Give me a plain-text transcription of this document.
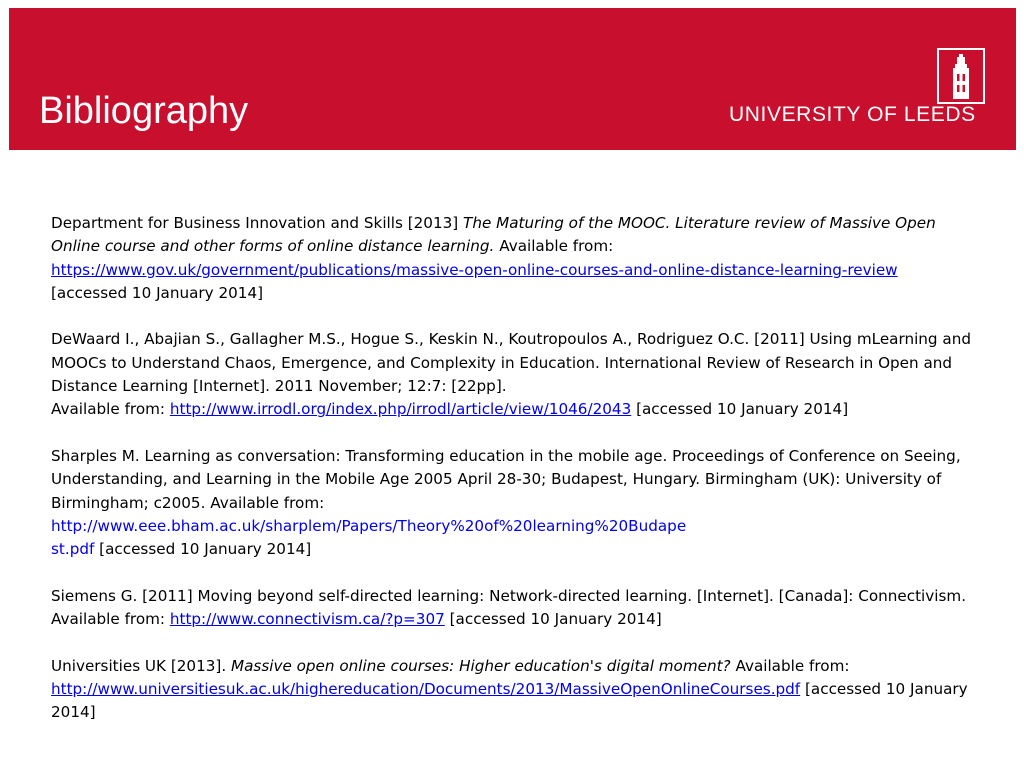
Bibliography	UNIVERSITY OF LEEDS

Department for Business Innovation and Skills [2013] The Maturing of the MOOC. Literature review of Massive Open Online course and other forms of online distance learning. Available from:
https://www.gov.uk/government/publications/massive-open-online-courses-and-online-distance-learning-review
[accessed 10 January 2014]

DeWaard I., Abajian S., Gallagher M.S., Hogue S., Keskin N., Koutropoulos A., Rodriguez O.C. [2011] Using mLearning and MOOCs to Understand Chaos, Emergence, and Complexity in Education. International Review of Research in Open and Distance Learning [Internet]. 2011 November; 12:7: [22pp].
Available from: http://www.irrodl.org/index.php/irrodl/article/view/1046/2043 [accessed 10 January 2014]

Sharples M. Learning as conversation: Transforming education in the mobile age. Proceedings of Conference on Seeing, Understanding, and Learning in the Mobile Age 2005 April 28-30; Budapest, Hungary. Birmingham (UK): University of Birmingham; c2005. Available from:
http://www.eee.bham.ac.uk/sharplem/Papers/Theory%20of%20learning%20Budape
st.pdf [accessed 10 January 2014]

Siemens G. [2011] Moving beyond self-directed learning: Network-directed learning. [Internet]. [Canada]: Connectivism. Available from: http://www.connectivism.ca/?p=307 [accessed 10 January 2014]

Universities UK [2013]. Massive open online courses: Higher education's digital moment? Available from:
http://www.universitiesuk.ac.uk/highereducation/Documents/2013/MassiveOpenOnlineCourses.pdf [accessed 10 January 2014]
